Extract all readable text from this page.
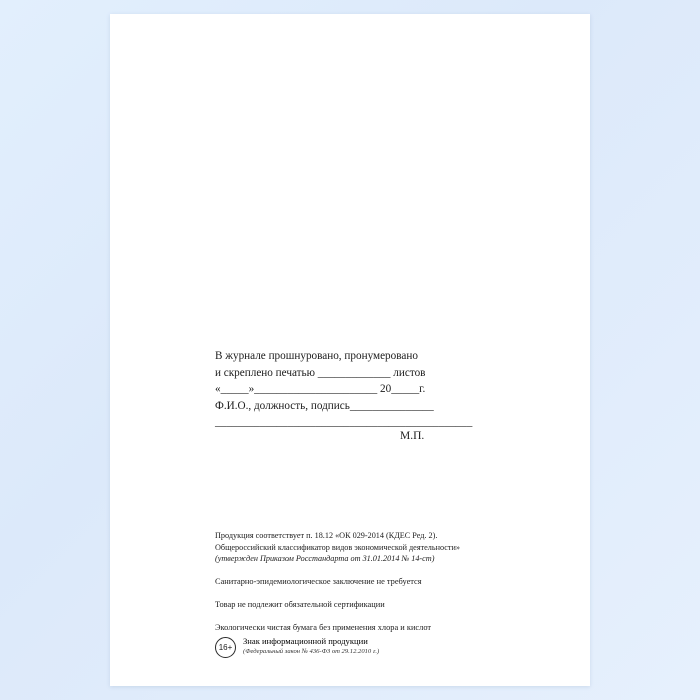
В журнале прошнуровано, пронумеровано
и скреплено печатью _____________ листов
«_____»______________________ 20_____г.
Ф.И.О., должность, подпись_______________
______________________________________________
М.П.
Продукция соответствует п. 18.12 «ОК 029-2014 (КДЕС Ред. 2).
Общероссийский классификатор видов экономической деятельности»
(утвержден Приказом Росстандарта от 31.01.2014 № 14-ст)
Санитарно-эпидемиологическое заключение не требуется
Товар не подлежит обязательной сертификации
Экологически чистая бумага без применения хлора и кислот
16+
Знак информационной продукции
(Федеральный закон № 436-ФЗ от 29.12.2010 г.)
